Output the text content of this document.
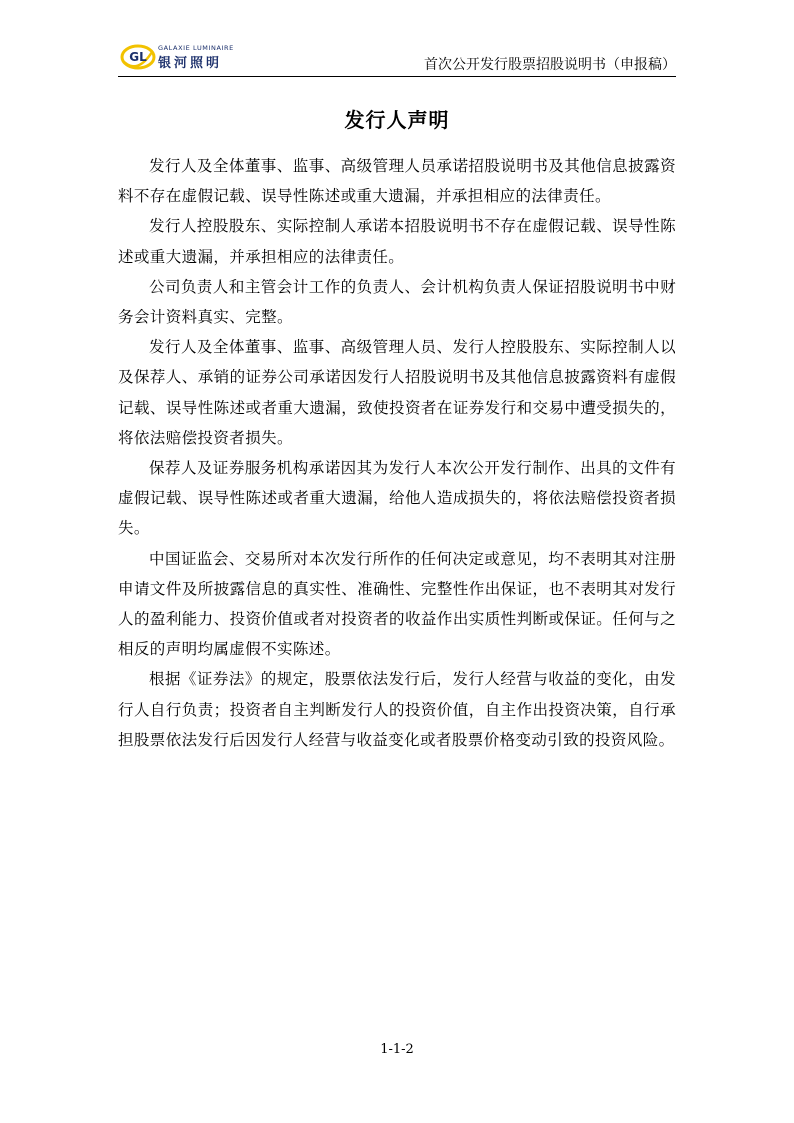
GL
GALAXIE LUMINAIRE
银河照明	首次公开发行股票招股说明书（申报稿）
发行人声明

发行人及全体董事、监事、高级管理人员承诺招股说明书及其他信息披露资料不存在虚假记载、误导性陈述或重大遗漏，并承担相应的法律责任。

发行人控股股东、实际控制人承诺本招股说明书不存在虚假记载、误导性陈述或重大遗漏，并承担相应的法律责任。

公司负责人和主管会计工作的负责人、会计机构负责人保证招股说明书中财务会计资料真实、完整。

发行人及全体董事、监事、高级管理人员、发行人控股股东、实际控制人以及保荐人、承销的证券公司承诺因发行人招股说明书及其他信息披露资料有虚假记载、误导性陈述或者重大遗漏，致使投资者在证券发行和交易中遭受损失的，将依法赔偿投资者损失。

保荐人及证券服务机构承诺因其为发行人本次公开发行制作、出具的文件有虚假记载、误导性陈述或者重大遗漏，给他人造成损失的，将依法赔偿投资者损失。

中国证监会、交易所对本次发行所作的任何决定或意见，均不表明其对注册申请文件及所披露信息的真实性、准确性、完整性作出保证，也不表明其对发行人的盈利能力、投资价值或者对投资者的收益作出实质性判断或保证。任何与之相反的声明均属虚假不实陈述。

根据《证券法》的规定，股票依法发行后，发行人经营与收益的变化，由发行人自行负责；投资者自主判断发行人的投资价值，自主作出投资决策，自行承担股票依法发行后因发行人经营与收益变化或者股票价格变动引致的投资风险。

1-1-2
